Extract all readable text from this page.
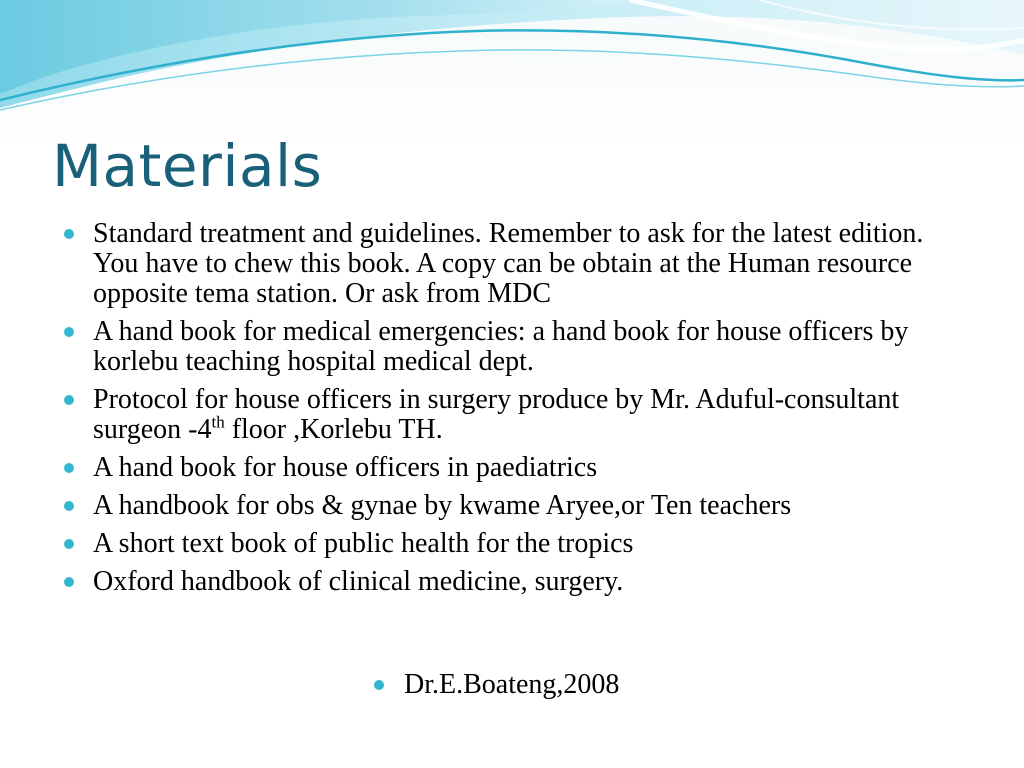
Materials
Standard treatment and guidelines. Remember to ask for the latest edition. You have to chew this book. A copy can be obtain at the Human resource opposite tema station. Or ask from MDC
A hand book for medical emergencies: a hand book for house officers by korlebu teaching hospital medical dept.
Protocol for house officers in surgery produce by Mr. Aduful-consultant surgeon -4th floor ,Korlebu TH.
A hand book for house officers in paediatrics
A handbook for obs & gynae by kwame Aryee,or Ten teachers
A short text book of public health for the tropics
Oxford handbook of clinical medicine, surgery.
Dr.E.Boateng,2008
